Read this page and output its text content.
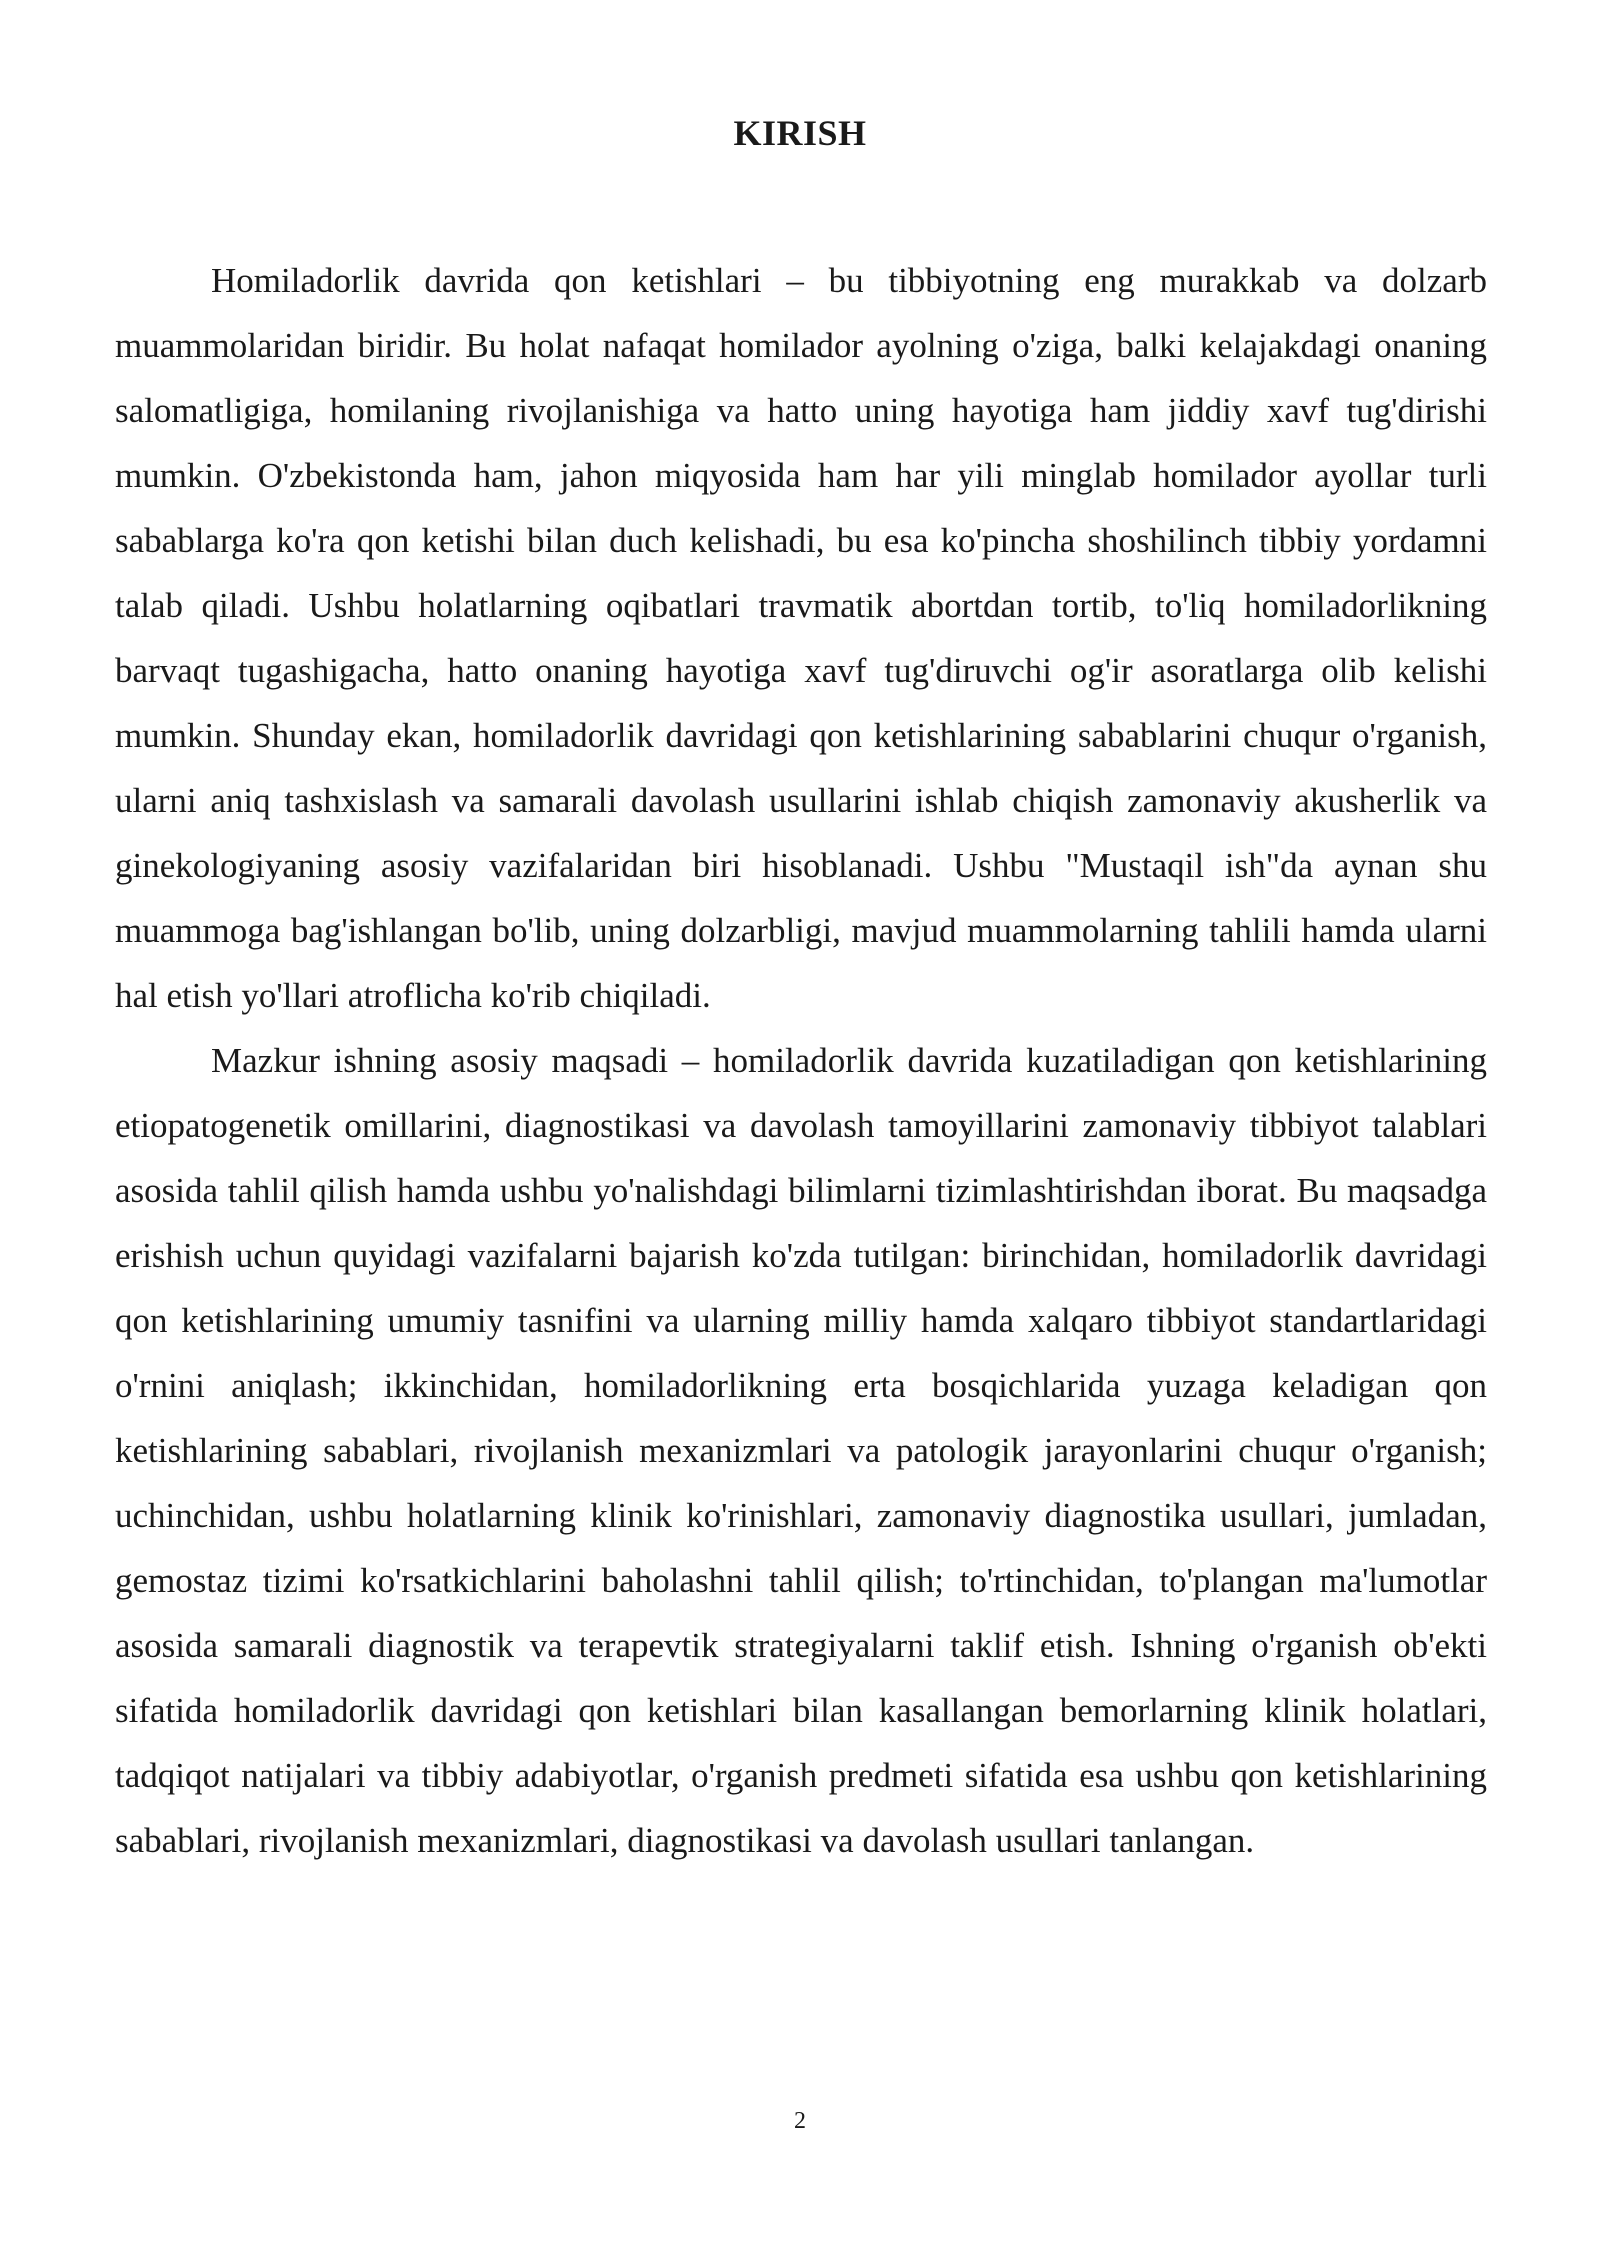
KIRISH

Homiladorlik davrida qon ketishlari – bu tibbiyotning eng murakkab va dolzarb muammolaridan biridir. Bu holat nafaqat homilador ayolning o'ziga, balki kelajakdagi onaning salomatligiga, homilaning rivojlanishiga va hatto uning hayotiga ham jiddiy xavf tug'dirishi mumkin. O'zbekistonda ham, jahon miqyosida ham har yili minglab homilador ayollar turli sabablarga ko'ra qon ketishi bilan duch kelishadi, bu esa ko'pincha shoshilinch tibbiy yordamni talab qiladi. Ushbu holatlarning oqibatlari travmatik abortdan tortib, to'liq homiladorlikning barvaqt tugashigacha, hatto onaning hayotiga xavf tug'diruvchi og'ir asoratlarga olib kelishi mumkin. Shunday ekan, homiladorlik davridagi qon ketishlarining sabablarini chuqur o'rganish, ularni aniq tashxislash va samarali davolash usullarini ishlab chiqish zamonaviy akusherlik va ginekologiyaning asosiy vazifalaridan biri hisoblanadi. Ushbu "Mustaqil ish"da aynan shu muammoga bag'ishlangan bo'lib, uning dolzarbligi, mavjud muammolarning tahlili hamda ularni hal etish yo'llari atroflicha ko'rib chiqiladi.

Mazkur ishning asosiy maqsadi – homiladorlik davrida kuzatiladigan qon ketishlarining etiopatogenetik omillarini, diagnostikasi va davolash tamoyillarini zamonaviy tibbiyot talablari asosida tahlil qilish hamda ushbu yo'nalishdagi bilimlarni tizimlashtirishdan iborat. Bu maqsadga erishish uchun quyidagi vazifalarni bajarish ko'zda tutilgan: birinchidan, homiladorlik davridagi qon ketishlarining umumiy tasnifini va ularning milliy hamda xalqaro tibbiyot standartlaridagi o'rnini aniqlash; ikkinchidan, homiladorlikning erta bosqichlarida yuzaga keladigan qon ketishlarining sabablari, rivojlanish mexanizmlari va patologik jarayonlarini chuqur o'rganish; uchinchidan, ushbu holatlarning klinik ko'rinishlari, zamonaviy diagnostika usullari, jumladan, gemostaz tizimi ko'rsatkichlarini baholashni tahlil qilish; to'rtinchidan, to'plangan ma'lumotlar asosida samarali diagnostik va terapevtik strategiyalarni taklif etish. Ishning o'rganish ob'ekti sifatida homiladorlik davridagi qon ketishlari bilan kasallangan bemorlarning klinik holatlari, tadqiqot natijalari va tibbiy adabiyotlar, o'rganish predmeti sifatida esa ushbu qon ketishlarining sabablari, rivojlanish mexanizmlari, diagnostikasi va davolash usullari tanlangan.

2
